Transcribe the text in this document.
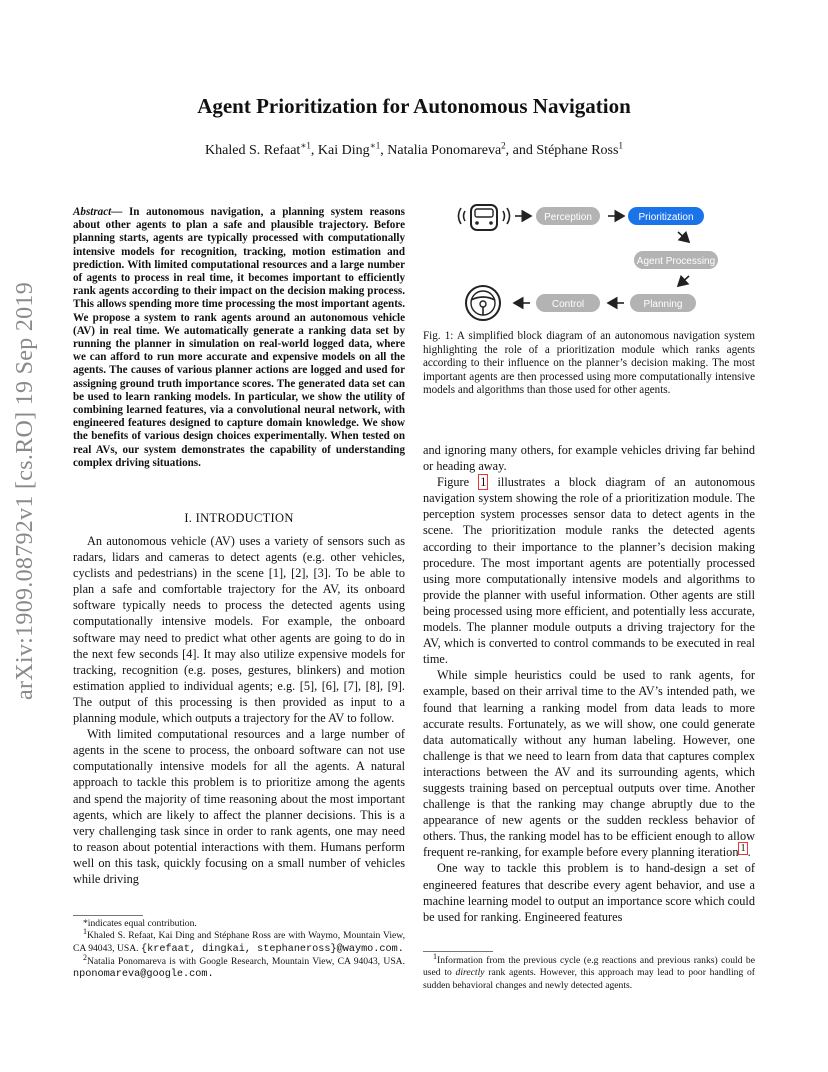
arXiv:1909.08792v1 [cs.RO] 19 Sep 2019
Agent Prioritization for Autonomous Navigation
Khaled S. Refaat$^{∗1}$, Kai Ding$^{∗1}$, Natalia Ponomareva$^2$, and Stéphane Ross$^1$
Abstract— In autonomous navigation, a planning system reasons about other agents to plan a safe and plausible trajectory. Before planning starts, agents are typically processed with computationally intensive models for recognition, tracking, motion estimation and prediction. With limited computational resources and a large number of agents to process in real time, it becomes important to efficiently rank agents according to their impact on the decision making process. This allows spending more time processing the most important agents. We propose a system to rank agents around an autonomous vehicle (AV) in real time. We automatically generate a ranking data set by running the planner in simulation on real-world logged data, where we can afford to run more accurate and expensive models on all the agents. The causes of various planner actions are logged and used for assigning ground truth importance scores. The generated data set can be used to learn ranking models. In particular, we show the utility of combining learned features, via a convolutional neural network, with engineered features designed to capture domain knowledge. We show the benefits of various design choices experimentally. When tested on real AVs, our system demonstrates the capability of understanding complex driving situations.
I. INTRODUCTION

An autonomous vehicle (AV) uses a variety of sensors such as radars, lidars and cameras to detect agents (e.g. other vehicles, cyclists and pedestrians) in the scene [1], [2], [3]. To be able to plan a safe and comfortable trajectory for the AV, its onboard software typically needs to process the detected agents using computationally intensive models. For example, the onboard software may need to predict what other agents are going to do in the next few seconds [4]. It may also utilize expensive models for tracking, recognition (e.g. poses, gestures, blinkers) and motion estimation applied to individual agents; e.g. [5], [6], [7], [8], [9]. The output of this processing is then provided as input to a planning module, which outputs a trajectory for the AV to follow.

With limited computational resources and a large number of agents in the scene to process, the onboard software can not use computationally intensive models for all the agents. A natural approach to tackle this problem is to prioritize among the agents and spend the majority of time reasoning about the most important agents, which are likely to affect the planner decisions. This is a very challenging task since in order to rank agents, one may need to reason about potential interactions with them. Humans perform well on this task, quickly focusing on a small number of vehicles while driving

*indicates equal contribution.

$^1$Khaled S. Refaat, Kai Ding and Stéphane Ross are with Waymo, Mountain View, CA 94043, USA. {krefaat, dingkai, stephaneross}@waymo.com.

$^2$Natalia Ponomareva is with Google Research, Mountain View, CA 94043, USA. nponomareva@google.com.

Perception	Prioritization
Agent Processing
Planning
Control
Fig. 1: A simplified block diagram of an autonomous navigation system highlighting the role of a prioritization module which ranks agents according to their influence on the planner’s decision making. The most important agents are then processed using more computationally intensive models and algorithms than those used for other agents.

and ignoring many others, for example vehicles driving far behind or heading away.

Figure 1 illustrates a block diagram of an autonomous navigation system showing the role of a prioritization module. The perception system processes sensor data to detect agents in the scene. The prioritization module ranks the detected agents according to their importance to the planner’s decision making procedure. The most important agents are potentially processed using more computationally intensive models and algorithms to provide the planner with useful information. Other agents are still being processed using more efficient, and potentially less accurate, models. The planner module outputs a driving trajectory for the AV, which is converted to control commands to be executed in real time.

While simple heuristics could be used to rank agents, for example, based on their arrival time to the AV’s intended path, we found that learning a ranking model from data leads to more accurate results. Fortunately, as we will show, one could generate data automatically without any human labeling. However, one challenge is that we need to learn from data that captures complex interactions between the AV and its surrounding agents, which suggests training based on perceptual outputs over time. Another challenge is that the ranking may change abruptly due to the appearance of new agents or the sudden reckless behavior of others. Thus, the ranking model has to be efficient enough to allow frequent re-ranking, for example before every planning iteration $^1$ .

One way to tackle this problem is to hand-design a set of engineered features that describe every agent behavior, and use a machine learning model to output an importance score which could be used for ranking. Engineered features

$^1$Information from the previous cycle (e.g reactions and previous ranks) could be used to directly rank agents. However, this approach may lead to poor handling of sudden behavioral changes and newly detected agents.
